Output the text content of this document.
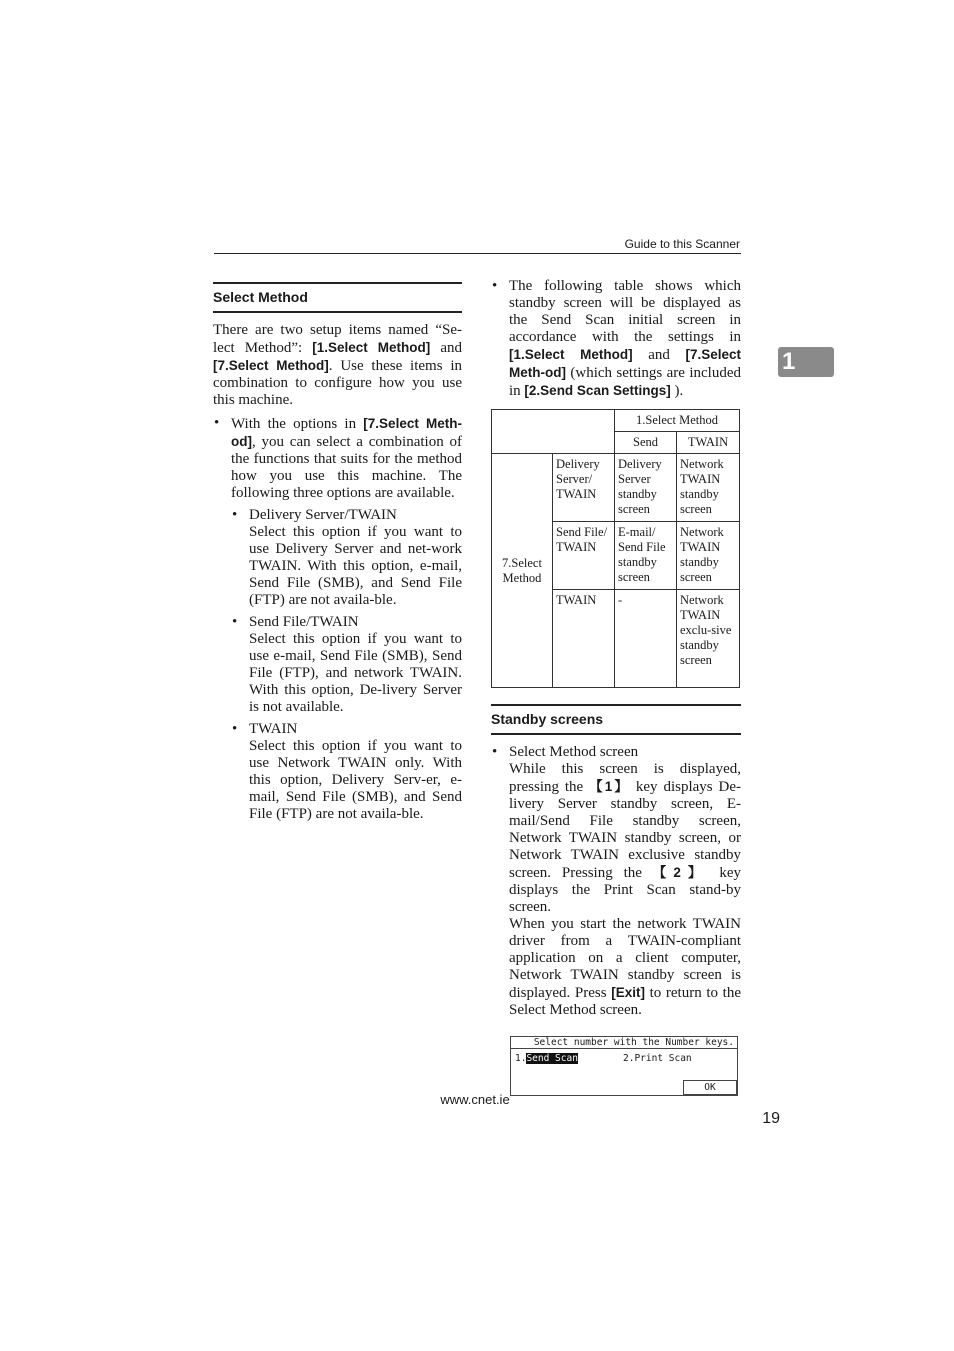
Guide to this Scanner
1
Select Method
There are two setup items named “Se-lect Method”: [1.Select Method] and [7.Select Method]. Use these items in combination to configure how you use this machine.
• With the options in [7.Select Meth-od], you can select a combination of the functions that suits for the method how you use this machine. The following three options are available.
• Delivery Server/TWAIN
Select this option if you want to use Delivery Server and net-work TWAIN. With this option, e-mail, Send File (SMB), and Send File (FTP) are not availa-ble.
• Send File/TWAIN
Select this option if you want to use e-mail, Send File (SMB), Send File (FTP), and network TWAIN. With this option, De-livery Server is not available.
• TWAIN
Select this option if you want to use Network TWAIN only. With this option, Delivery Serv-er, e-mail, Send File (SMB), and Send File (FTP) are not availa-ble.
• The following table shows which standby screen will be displayed as the Send Scan initial screen in accordance with the settings in [1.Select Method] and [7.Select Meth-od] (which settings are included in [2.Send Scan Settings] ).
		1.Select Method	
		Send	TWAIN
7.Select Method	Delivery Server/ TWAIN	Delivery Server standby screen	Network TWAIN standby screen
	Send File/ TWAIN	E-mail/ Send File standby screen	Network TWAIN standby screen
	TWAIN	-	Network TWAIN exclu-sive standby screen
Standby screens
• Select Method screen
While this screen is displayed, pressing the 【1】 key displays De-livery Server standby screen, E-mail/Send File standby screen, Network TWAIN standby screen, or Network TWAIN exclusive standby screen. Pressing the 【2】 key displays the Print Scan stand-by screen.
When you start the network TWAIN driver from a TWAIN-compliant application on a client computer, Network TWAIN standby screen is displayed. Press [Exit] to return to the Select Method screen.
Select number with the Number keys.
1.Send Scan	2.Print Scan
OK
www.cnet.ie
19
